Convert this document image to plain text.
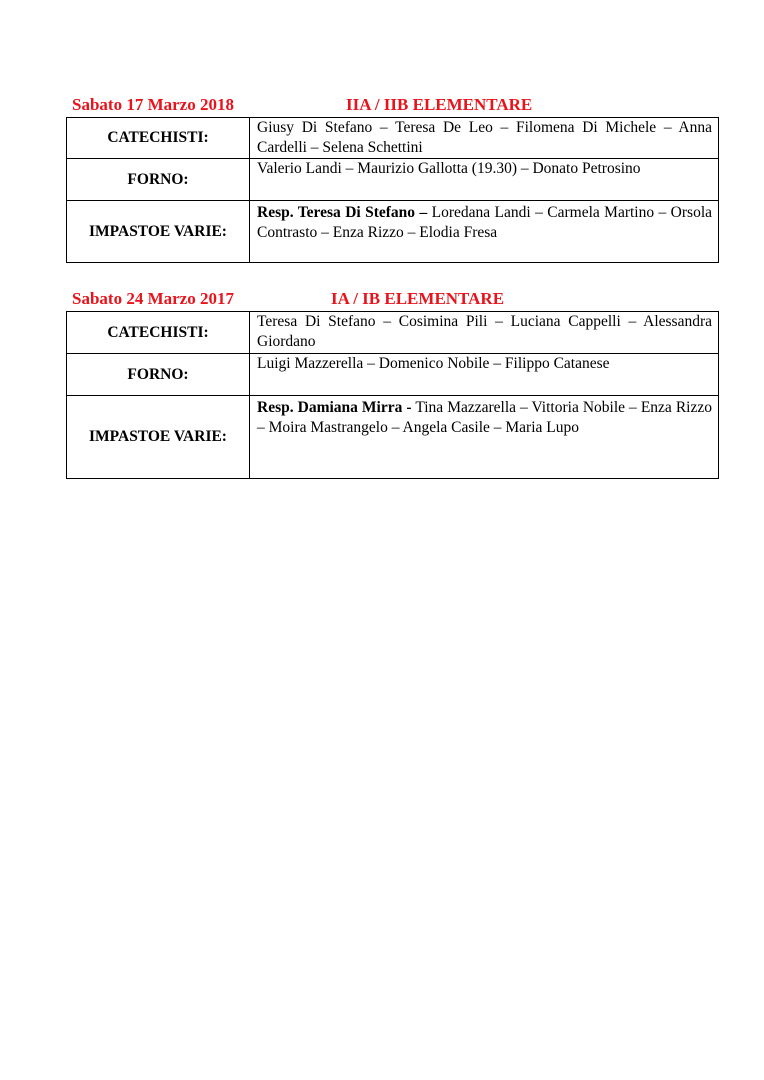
Sabato 17 Marzo 2018	IIA / IIB ELEMENTARE
CATECHISTI:	Giusy Di Stefano – Teresa De Leo – Filomena Di Michele – Anna Cardelli – Selena Schettini
FORNO:	Valerio Landi – Maurizio Gallotta (19.30) – Donato Petrosino
IMPASTOE VARIE:	Resp. Teresa Di Stefano – Loredana Landi – Carmela Martino – Orsola Contrasto – Enza Rizzo – Elodia Fresa
Sabato 24 Marzo 2017	IA / IB ELEMENTARE
CATECHISTI:	Teresa Di Stefano – Cosimina Pili – Luciana Cappelli – Alessandra Giordano
FORNO:	Luigi Mazzerella – Domenico Nobile – Filippo Catanese
IMPASTOE VARIE:	Resp. Damiana Mirra - Tina Mazzarella – Vittoria Nobile – Enza Rizzo – Moira Mastrangelo – Angela Casile – Maria Lupo
